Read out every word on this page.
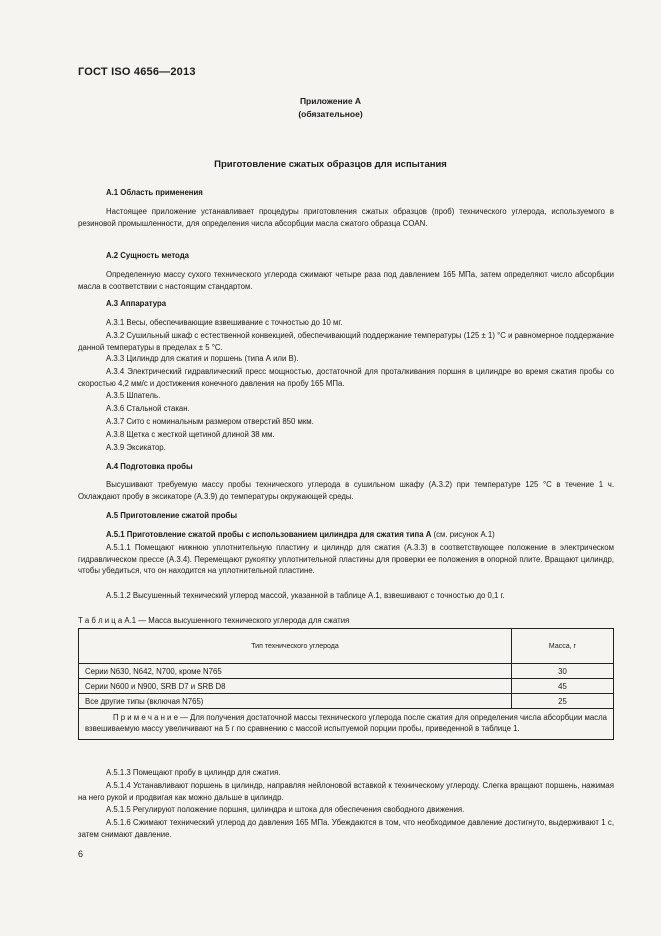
ГОСТ ISO 4656—2013
Приложение А
(обязательное)
Приготовление сжатых образцов для испытания
А.1 Область применения
Настоящее приложение устанавливает процедуры приготовления сжатых образцов (проб) технического углерода, используемого в резиновой промышленности, для определения числа абсорбции масла сжатого образца COAN.
А.2 Сущность метода
Определенную массу сухого технического углерода сжимают четыре раза под давлением 165 МПа, затем определяют число абсорбции масла в соответствии с настоящим стандартом.
А.3 Аппаратура
А.3.1 Весы, обеспечивающие взвешивание с точностью до 10 мг.
А.3.2 Сушильный шкаф с естественной конвекцией, обеспечивающий поддержание температуры (125 ± 1) °С и равномерное поддержание данной температуры в пределах ± 5 °С.
А.3.3 Цилиндр для сжатия и поршень (типа А или В).
А.3.4 Электрический гидравлический пресс мощностью, достаточной для проталкивания поршня в цилиндре во время сжатия пробы со скоростью 4,2 мм/с и достижения конечного давления на пробу 165 МПа.
А.3.5 Шпатель.
А.3.6 Стальной стакан.
А.3.7 Сито с номинальным размером отверстий 850 мкм.
А.3.8 Щетка с жесткой щетиной длиной 38 мм.
А.3.9 Эксикатор.
А.4 Подготовка пробы
Высушивают требуемую массу пробы технического углерода в сушильном шкафу (А.3.2) при температуре 125 °С в течение 1 ч. Охлаждают пробу в эксикаторе (А.3.9) до температуры окружающей среды.
А.5 Приготовление сжатой пробы
А.5.1 Приготовление сжатой пробы с использованием цилиндра для сжатия типа А (см. рисунок А.1)
А.5.1.1 Помещают нижнюю уплотнительную пластину и цилиндр для сжатия (А.3.3) в соответствующее положение в электрическом гидравлическом прессе (А.3.4). Перемещают рукоятку уплотнительной пластины для проверки ее положения в опорной плите. Вращают цилиндр, чтобы убедиться, что он находится на уплотнительной пластине.
А.5.1.2 Высушенный технический углерод массой, указанной в таблице А.1, взвешивают с точностью до 0,1 г.
Т а б л и ц а А.1 — Масса высушенного технического углерода для сжатия
Тип технического углерода	Масса, г
Серии N630, N642, N700, кроме N765	30
Серии N600 и N900, SRB D7 и SRB D8	45
Все другие типы (включая N765)	25
П р и м е ч а н и е — Для получения достаточной массы технического углерода после сжатия для определения числа абсорбции масла взвешиваемую массу увеличивают на 5 г по сравнению с массой испытуемой порции пробы, приведенной в таблице 1.	
А.5.1.3 Помещают пробу в цилиндр для сжатия.
А.5.1.4 Устанавливают поршень в цилиндр, направляя нейлоновой вставкой к техническому углероду. Слегка вращают поршень, нажимая на него рукой и продвигая как можно дальше в цилиндр.
А.5.1.5 Регулируют положение поршня, цилиндра и штока для обеспечения свободного движения.
А.5.1.6 Сжимают технический углерод до давления 165 МПа. Убеждаются в том, что необходимое давление достигнуто, выдерживают 1 с, затем снимают давление.
6
